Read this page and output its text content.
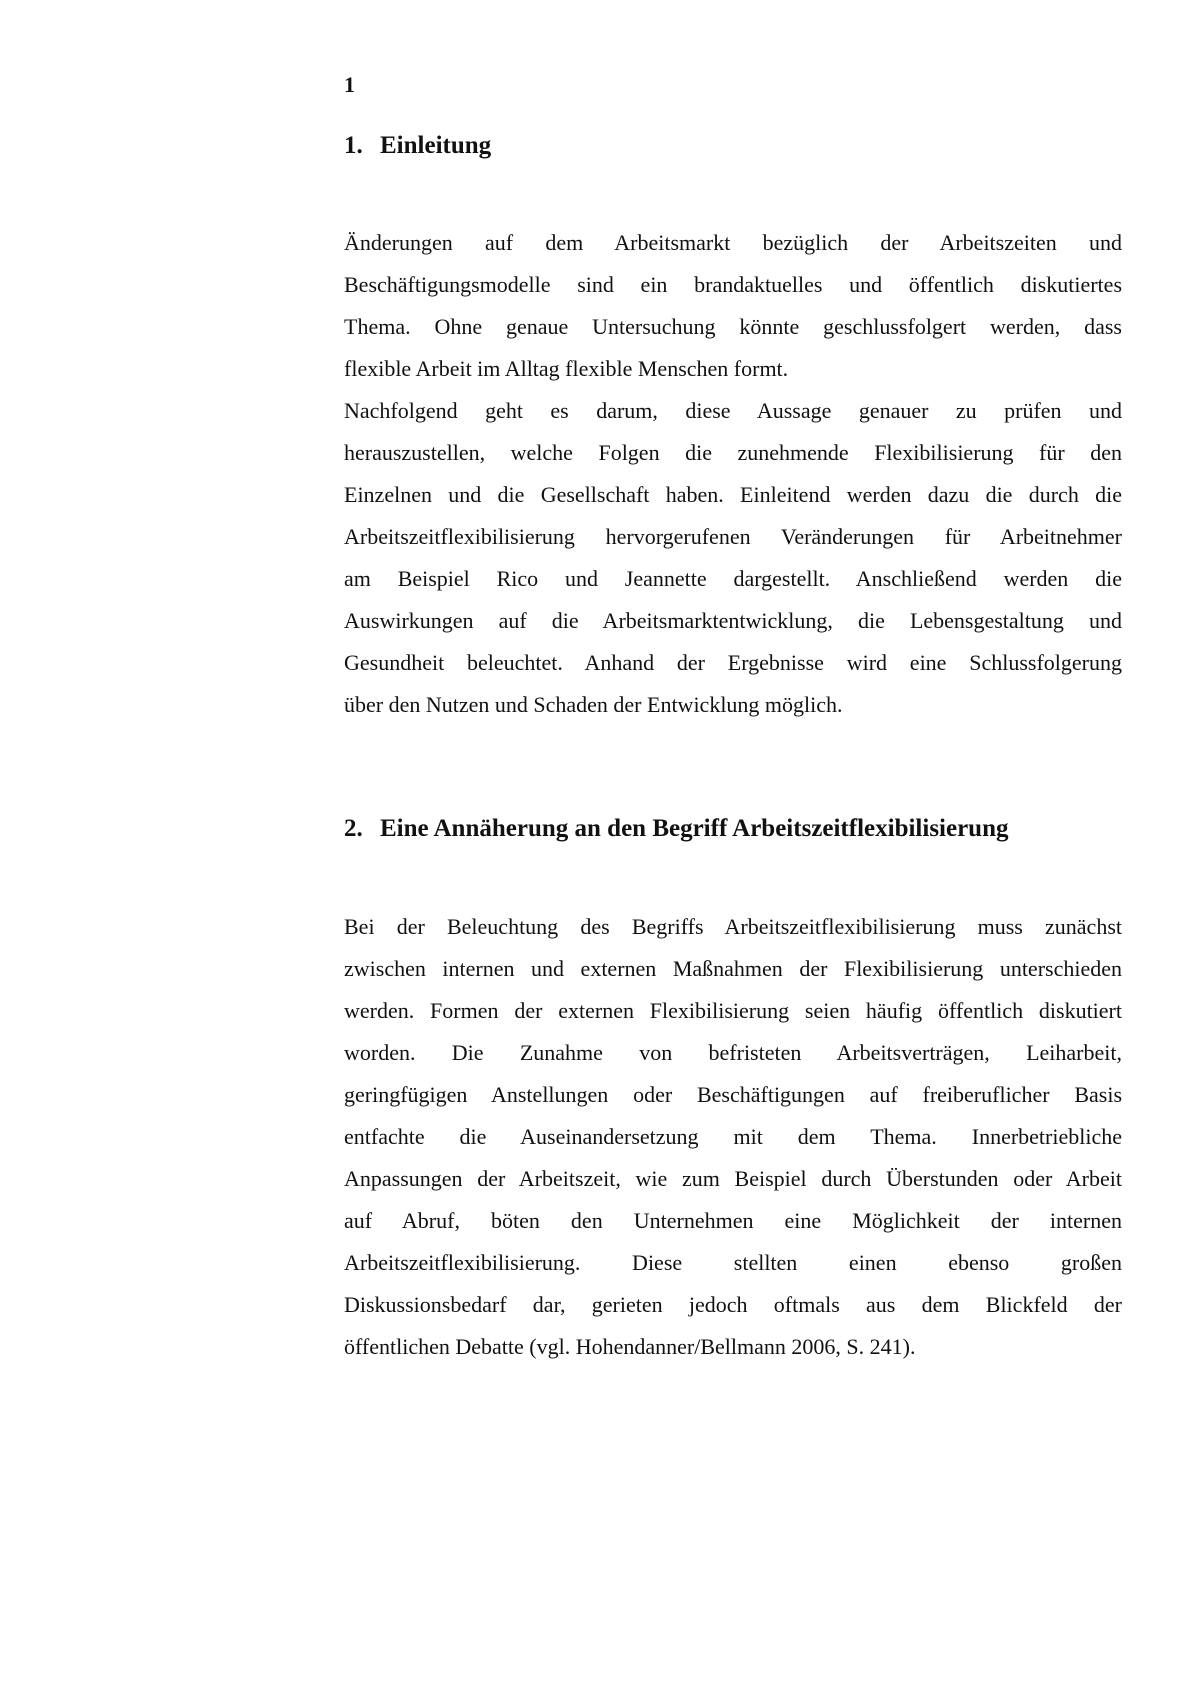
1

1. Einleitung
Änderungen auf dem Arbeitsmarkt bezüglich der Arbeitszeiten und
Beschäftigungsmodelle sind ein brandaktuelles und öffentlich diskutiertes
Thema. Ohne genaue Untersuchung könnte geschlussfolgert werden, dass
flexible Arbeit im Alltag flexible Menschen formt.
Nachfolgend geht es darum, diese Aussage genauer zu prüfen und
herauszustellen, welche Folgen die zunehmende Flexibilisierung für den
Einzelnen und die Gesellschaft haben. Einleitend werden dazu die durch die
Arbeitszeitflexibilisierung hervorgerufenen Veränderungen für Arbeitnehmer
am Beispiel Rico und Jeannette dargestellt. Anschließend werden die
Auswirkungen auf die Arbeitsmarktentwicklung, die Lebensgestaltung und
Gesundheit beleuchtet. Anhand der Ergebnisse wird eine Schlussfolgerung
über den Nutzen und Schaden der Entwicklung möglich.
2. Eine Annäherung an den Begriff Arbeitszeitflexibilisierung
Bei der Beleuchtung des Begriffs Arbeitszeitflexibilisierung muss zunächst
zwischen internen und externen Maßnahmen der Flexibilisierung unterschieden
werden. Formen der externen Flexibilisierung seien häufig öffentlich diskutiert
worden. Die Zunahme von befristeten Arbeitsverträgen, Leiharbeit,
geringfügigen Anstellungen oder Beschäftigungen auf freiberuflicher Basis
entfachte die Auseinandersetzung mit dem Thema. Innerbetriebliche
Anpassungen der Arbeitszeit, wie zum Beispiel durch Überstunden oder Arbeit
auf Abruf, böten den Unternehmen eine Möglichkeit der internen
Arbeitszeitflexibilisierung. Diese stellten einen ebenso großen
Diskussionsbedarf dar, gerieten jedoch oftmals aus dem Blickfeld der
öffentlichen Debatte (vgl. Hohendanner/Bellmann 2006, S. 241).
